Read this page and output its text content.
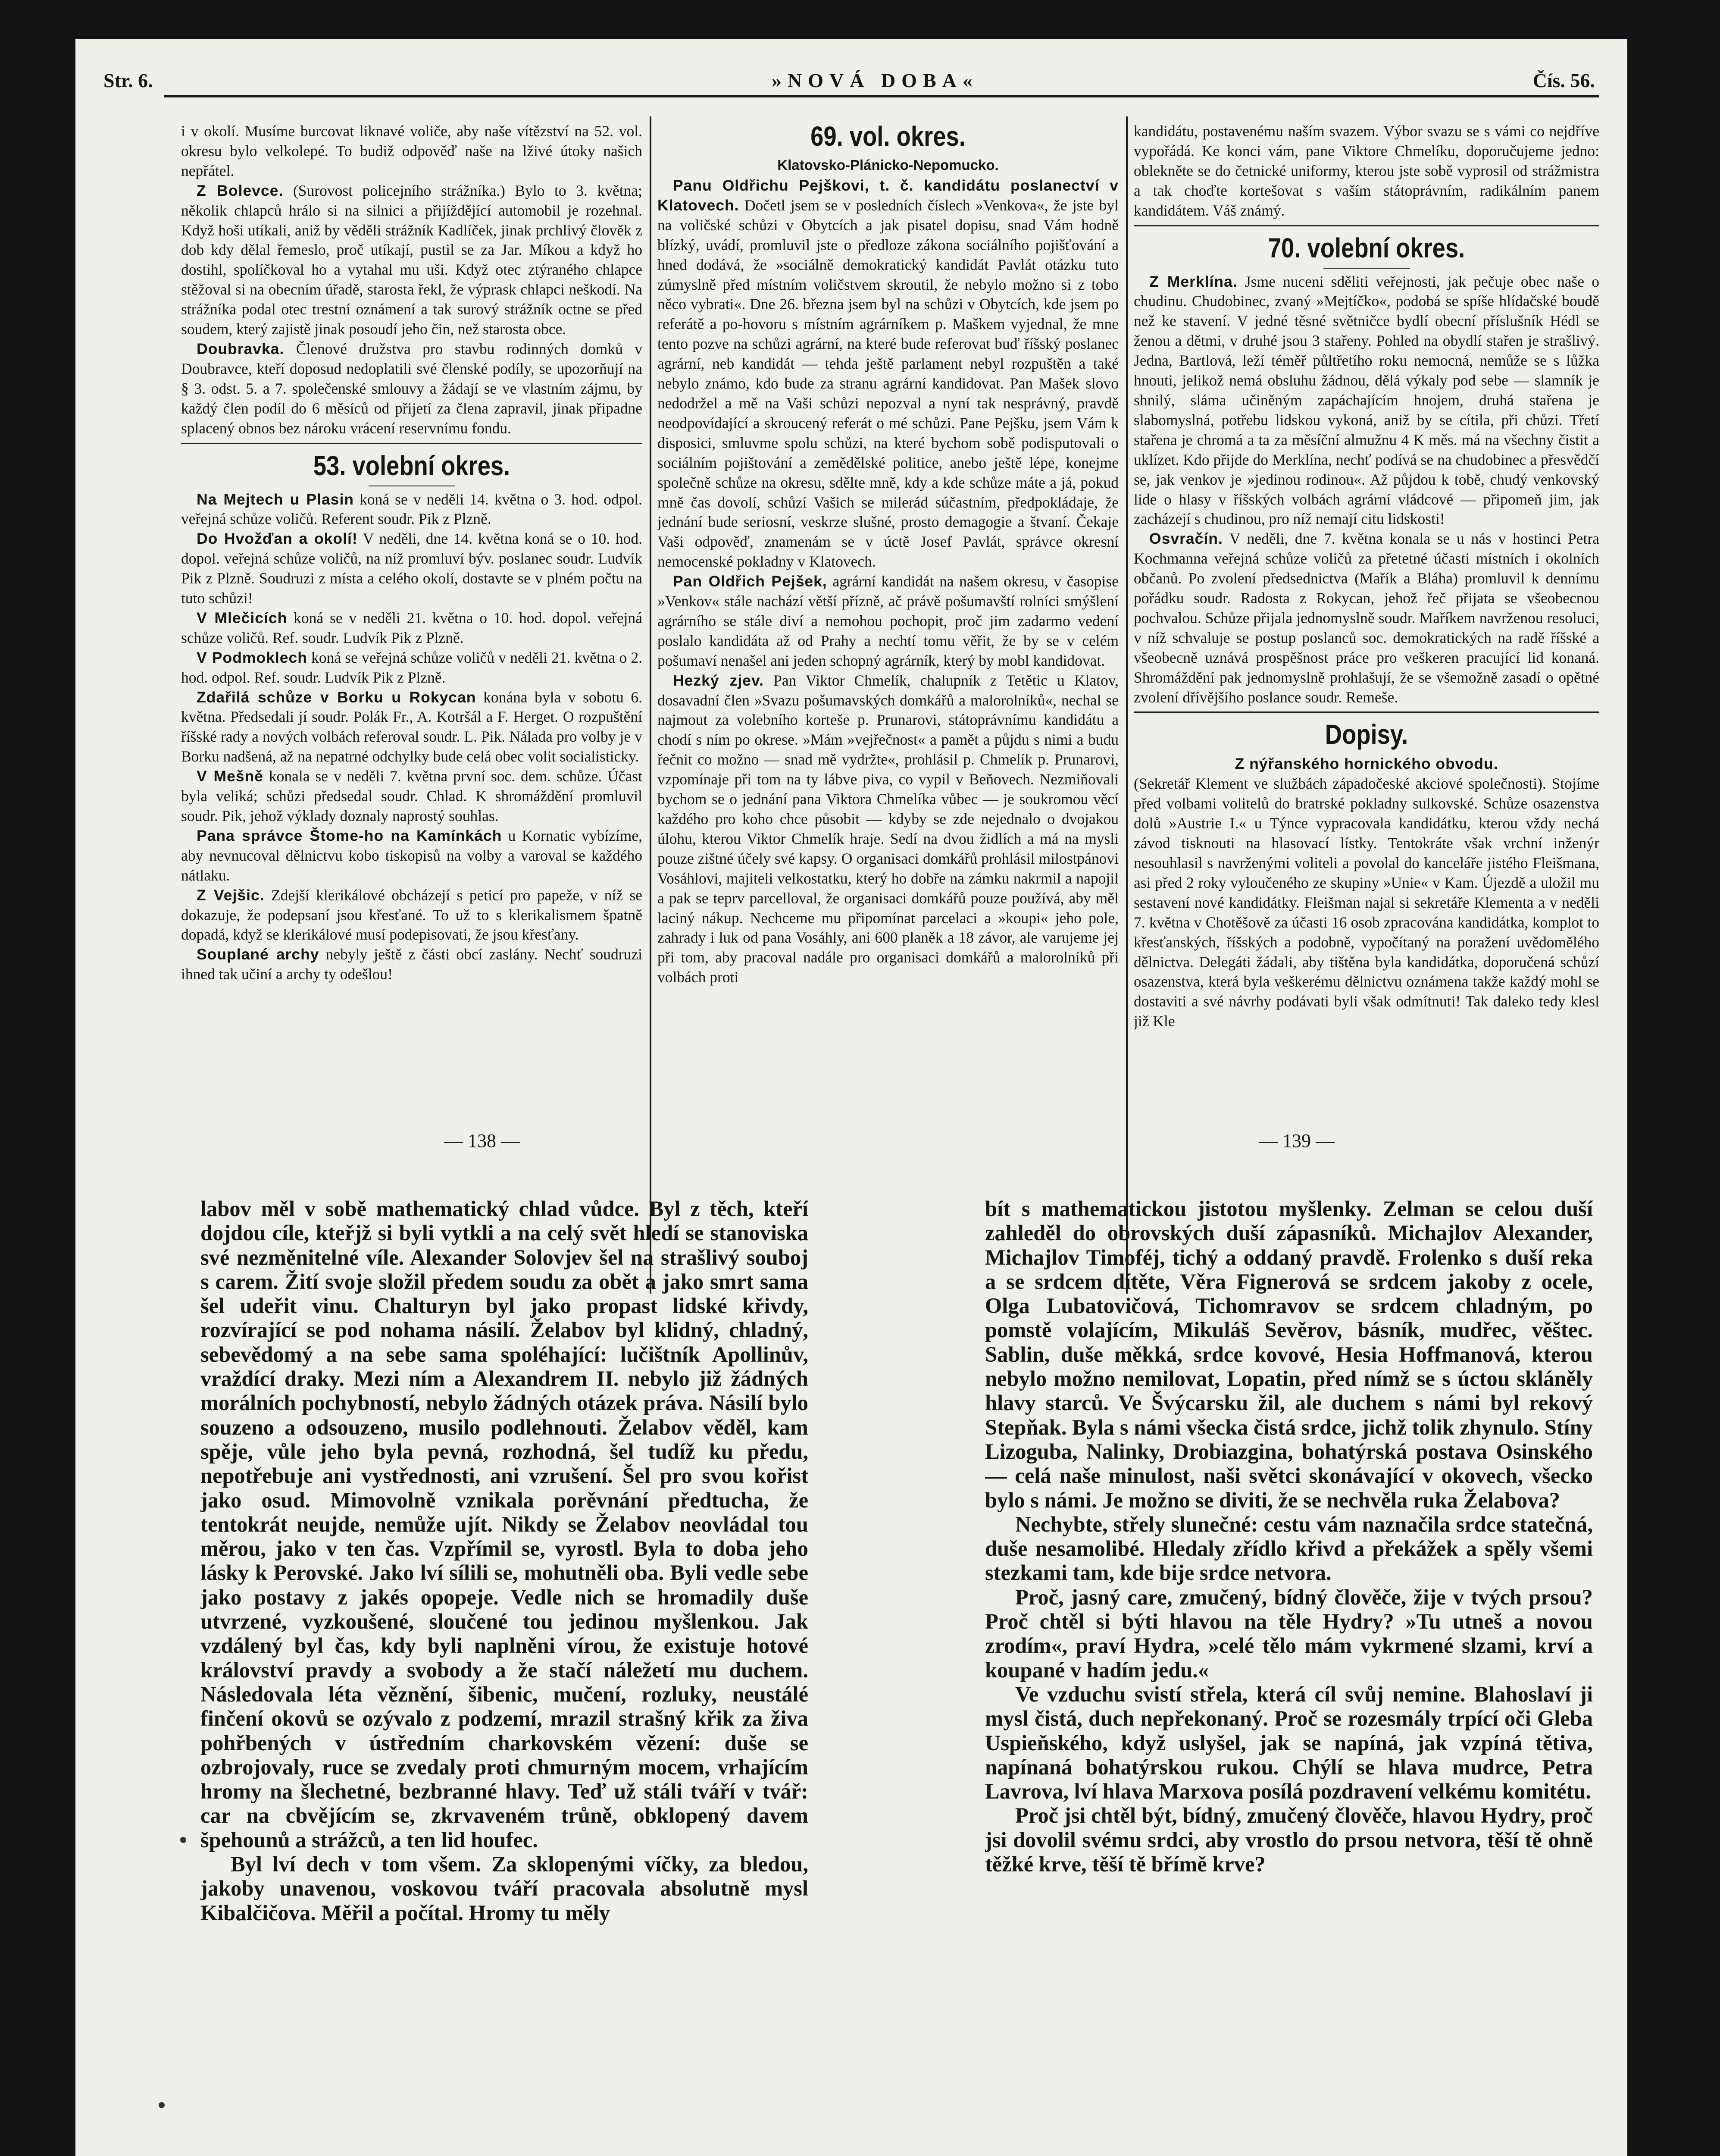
Str. 6.	»NOVÁ DOBA«	Čís. 56.

i v okolí. Musíme burcovat liknavé voliče, aby naše vítězství na 52. vol. okresu bylo velkolepé. To budiž odpověď naše na lživé útoky našich nepřátel.

Z Bolevce. (Surovost policejního strážníka.) Bylo to 3. května; několik chlapců hrálo si na silnici a přijíždějící automobil je rozehnal. Když hoši utíkali, aniž by věděli strážník Kadlíček, jinak prchlivý člověk z dob kdy dělal řemeslo, proč utíkají, pustil se za Jar. Míkou a když ho dostihl, spolíčkoval ho a vytahal mu uši. Když otec ztýraného chlapce stěžoval si na obecním úřadě, starosta řekl, že výprask chlapci neškodí. Na strážníka podal otec trestní oznámení a tak surový strážník octne se před soudem, který zajistě jinak posoudí jeho čin, než starosta obce.

Doubravka. Členové družstva pro stavbu rodinných domků v Doubravce, kteří doposud nedoplatili své členské podíly, se upozorňují na § 3. odst. 5. a 7. společenské smlouvy a žádají se ve vlastním zájmu, by každý člen podíl do 6 měsíců od přijetí za člena zapravil, jinak připadne splacený obnos bez nároku vrácení reservnímu fondu.

53. volební okres.

Na Mejtech u Plasin koná se v neděli 14. května o 3. hod. odpol. veřejná schůze voličů. Referent soudr. Pik z Plzně.

Do Hvožďan a okolí! V neděli, dne 14. května koná se o 10. hod. dopol. veřejná schůze voličů, na níž promluví býv. poslanec soudr. Ludvík Pik z Plzně. Soudruzi z místa a celého okolí, dostavte se v plném počtu na tuto schůzi!

V Mlečicích koná se v neděli 21. května o 10. hod. dopol. veřejná schůze voličů. Ref. soudr. Ludvík Pik z Plzně.

V Podmoklech koná se veřejná schůze voličů v neděli 21. května o 2. hod. odpol. Ref. soudr. Ludvík Pik z Plzně.

Zdařilá schůze v Borku u Rokycan konána byla v sobotu 6. května. Předsedali jí soudr. Polák Fr., A. Kotršál a F. Herget. O rozpuštění říšské rady a nových volbách referoval soudr. L. Pik. Nálada pro volby je v Borku nadšená, až na nepatrné odchylky bude celá obec volit socialisticky.

V Mešně konala se v neděli 7. května první soc. dem. schůze. Účast byla veliká; schůzi předsedal soudr. Chlad. K shromáždění promluvil soudr. Pik, jehož výklady doznaly naprostý souhlas.

Pana správce Štome-ho na Kamínkách u Kornatic vybízíme, aby nevnucoval dělnictvu kobo tiskopisů na volby a varoval se každého nátlaku.

Z Vejšic. Zdejší klerikálové obcházejí s peticí pro papeže, v níž se dokazuje, že podepsaní jsou křesťané. To už to s klerikalismem špatně dopadá, když se klerikálové musí podepisovati, že jsou křesťany.

Souplané archy nebyly ještě z části obcí zaslány. Nechť soudruzi ihned tak učiní a archy ty odešlou!

69. vol. okres.
Klatovsko-Plánicko-Nepomucko.

Panu Oldřichu Pejškovi, t. č. kandidátu poslanectví v Klatovech. Dočetl jsem se v posledních číslech »Venkova«, že jste byl na voličské schůzi v Obytcích a jak pisatel dopisu, snad Vám hodně blízký, uvádí, promluvil jste o předloze zákona sociálního pojišťování a hned dodává, že »sociálně demokratický kandidát Pavlát otázku tuto zúmyslně před místním voličstvem skroutil, že nebylo možno si z tobo něco vybrati«. Dne 26. března jsem byl na schůzi v Obytcích, kde jsem po referátě a po-hovoru s místním agrárníkem p. Maškem vyjednal, že mne tento pozve na schůzi agrární, na které bude referovat buď říšský poslanec agrární, neb kandidát — tehda ještě parlament nebyl rozpuštěn a také nebylo známo, kdo bude za stranu agrární kandidovat. Pan Mašek slovo nedodržel a mě na Vaši schůzi nepozval a nyní tak nesprávný, pravdě neodpovídající a skroucený referát o mé schůzi. Pane Pejšku, jsem Vám k disposici, smluvme spolu schůzi, na které bychom sobě podisputovali o sociálním pojištování a zemědělské politice, anebo ještě lépe, konejme společně schůze na okresu, sdělte mně, kdy a kde schůze máte a já, pokud mně čas dovolí, schůzí Vašich se milerád súčastním, předpokládaje, že jednání bude seriosní, veskrze slušné, prosto demagogie a štvaní. Čekaje Vaši odpověď, znamenám se v úctě Josef Pavlát, správce okresní nemocenské pokladny v Klatovech.

Pan Oldřich Pejšek, agrární kandidát na našem okresu, v časopise »Venkov« stále nachází větší přízně, ač právě pošumavští rolníci smýšlení agrárního se stále diví a nemohou pochopit, proč jim zadarmo vedení poslalo kandidáta až od Prahy a nechtí tomu věřit, že by se v celém pošumaví nenašel ani jeden schopný agrárník, který by mobl kandidovat.

Hezký zjev. Pan Viktor Chmelík, chalupník z Tetětic u Klatov, dosavadní člen »Svazu pošumavských domkářů a malorolníků«, nechal se najmout za volebního korteše p. Prunarovi, státoprávnímu kandidátu a chodí s ním po okrese. »Mám »vejřečnost« a pamět a půjdu s nimi a budu řečnit co možno — snad mě vydržte«, prohlásil p. Chmelík p. Prunarovi, vzpomínaje při tom na ty lábve piva, co vypil v Beňovech. Nezmiňovali bychom se o jednání pana Viktora Chmelíka vůbec — je soukromou věcí každého pro koho chce působit — kdyby se zde nejednalo o dvojakou úlohu, kterou Viktor Chmelík hraje. Sedí na dvou židlích a má na mysli pouze zištné účely své kapsy. O organisaci domkářů prohlásil milostpánovi Vosáhlovi, majiteli velkostatku, který ho dobře na zámku nakrmil a napojil a pak se teprv parcelloval, že organisaci domkářů pouze používá, aby měl laciný nákup. Nechceme mu připomínat parcelaci a »koupi« jeho pole, zahrady i luk od pana Vosáhly, ani 600 planěk a 18 závor, ale varujeme jej při tom, aby pracoval nadále pro organisaci domkářů a malorolníků při volbách proti

kandidátu, postavenému naším svazem. Výbor svazu se s vámi co nejdříve vypořádá. Ke konci vám, pane Viktore Chmelíku, doporučujeme jedno: oblekněte se do četnické uniformy, kterou jste sobě vyprosil od strážmistra a tak choďte kortešovat s vaším státoprávním, radikálním panem kandidátem. Váš známý.

70. volební okres.

Z Merklína. Jsme nuceni sděliti veřejnosti, jak pečuje obec naše o chudinu. Chudobinec, zvaný »Mejtíčko«, podobá se spíše hlídačské boudě než ke stavení. V jedné těsné světničce bydlí obecní příslušník Hédl se ženou a dětmi, v druhé jsou 3 stařeny. Pohled na obydlí stařen je strašlivý. Jedna, Bartlová, leží téměř půltřetího roku nemocná, nemůže se s lůžka hnouti, jelikož nemá obsluhu žádnou, dělá výkaly pod sebe — slamník je shnilý, sláma učiněným zapáchajícím hnojem, druhá stařena je slabomyslná, potřebu lidskou vykoná, aniž by se cítila, při chůzi. Třetí stařena je chromá a ta za měsíční almužnu 4 K měs. má na všechny čistit a uklízet. Kdo přijde do Merklína, nechť podívá se na chudobinec a přesvědčí se, jak venkov je »jedinou rodinou«. Až půjdou k tobě, chudý venkovský lide o hlasy v říšských volbách agrární vládcové — připomeň jim, jak zacházejí s chudinou, pro níž nemají citu lidskosti!

Osvračín. V neděli, dne 7. května konala se u nás v hostinci Petra Kochmanna veřejná schůze voličů za přetetné účasti místních i okolních občanů. Po zvolení předsednictva (Mařík a Bláha) promluvil k dennímu pořádku soudr. Radosta z Rokycan, jehož řeč přijata se všeobecnou pochvalou. Schůze přijala jednomyslně soudr. Maříkem navrženou resoluci, v níž schvaluje se postup poslanců soc. demokratických na radě říšské a všeobecně uznává prospěšnost práce pro veškeren pracující lid konaná. Shromáždění pak jednomyslně prohlašují, že se všemožně zasadí o opětné zvolení dřívějšího poslance soudr. Remeše.

Dopisy.

Z nýřanského hornického obvodu.

(Sekretář Klement ve službách západočeské akciové společnosti). Stojíme před volbami volitelů do bratrské pokladny sulkovské. Schůze osazenstva dolů »Austrie I.« u Týnce vypracovala kandidátku, kterou vždy nechá závod tisknouti na hlasovací lístky. Tentokráte však vrchní inženýr nesouhlasil s navrženými voliteli a povolal do kanceláře jistého Fleišmana, asi před 2 roky vyloučeného ze skupiny »Unie« v Kam. Újezdě a uložil mu sestavení nové kandidátky. Fleišman najal si sekretáře Klementa a v neděli 7. května v Chotěšově za účasti 16 osob zpracována kandidátka, komplot to křesťanských, říšských a podobně, vypočítaný na poražení uvědomělého dělnictva. Delegáti žádali, aby tištěna byla kandidátka, doporučená schůzí osazenstva, která byla veškerému dělnictvu oznámena takže každý mohl se dostaviti a své návrhy podávati byli však odmítnuti! Tak daleko tedy klesl již Kle

— 138 —	— 139 —

labov měl v sobě mathematický chlad vůdce. Byl z těch, kteří dojdou cíle, kteřjž si byli vytkli a na celý svět hledí se stanoviska své nezměnitelné víle. Alexander Solovjev šel na strašlivý souboj s carem. Žití svoje složil předem soudu za obět a jako smrt sama šel udeřit vinu. Chalturyn byl jako propast lidské křivdy, rozvírající se pod nohama násilí. Želabov byl klidný, chladný, sebevědomý a na sebe sama spoléhající: lučištník Apollinův, vraždící draky. Mezi ním a Alexandrem II. nebylo již žádných morálních pochybností, nebylo žádných otázek práva. Násilí bylo souzeno a odsouzeno, musilo podlehnouti. Želabov věděl, kam spěje, vůle jeho byla pevná, rozhodná, šel tudíž ku předu, nepotřebuje ani vystřednosti, ani vzrušení. Šel pro svou kořist jako osud. Mimovolně vznikala porěvnání předtucha, že tentokrát neujde, nemůže ujít. Nikdy se Želabov neovládal tou měrou, jako v ten čas. Vzpřímil se, vyrostl. Byla to doba jeho lásky k Perovské. Jako lví sílili se, mohutněli oba. Byli vedle sebe jako postavy z jakés opopeje. Vedle nich se hromadily duše utvrzené, vyzkoušené, sloučené tou jedinou myšlenkou. Jak vzdálený byl čas, kdy byli naplněni vírou, že existuje hotové království pravdy a svobody a že stačí náležetí mu duchem. Následovala léta věznění, šibenic, mučení, rozluky, neustálé finčení okovů se ozývalo z podzemí, mrazil strašný křik za živa pohřbených v ústředním charkovském vězení: duše se ozbrojovaly, ruce se zvedaly proti chmurným mocem, vrhajícím hromy na šlechetné, bezbranné hlavy. Teď už stáli tváří v tvář: car na cbvějícím se, zkrvaveném trůně, obklopený davem špehounů a strážců, a ten lid houfec.

Byl lví dech v tom všem. Za sklopenými víčky, za bledou, jakoby unavenou, voskovou tváří pracovala absolutně mysl Kibalčičova. Měřil a počítal. Hromy tu měly

bít s mathematickou jistotou myšlenky. Zelman se celou duší zahleděl do obrovských duší zápasníků. Michajlov Alexander, Michajlov Timoféj, tichý a oddaný pravdě. Frolenko s duší reka a se srdcem dítěte, Věra Fignerová se srdcem jakoby z ocele, Olga Lubatovičová, Tichomravov se srdcem chladným, po pomstě volajícím, Mikuláš Sevěrov, básník, mudřec, věštec. Sablin, duše měkká, srdce kovové, Hesia Hoffmanová, kterou nebylo možno nemilovat, Lopatin, před nímž se s úctou skláněly hlavy starců. Ve Švýcarsku žil, ale duchem s námi byl rekový Stepňak. Byla s námi všecka čistá srdce, jichž tolik zhynulo. Stíny Lizoguba, Nalinky, Drobiazgina, bohatýrská postava Osinského — celá naše minulost, naši světci skonávající v okovech, všecko bylo s námi. Je možno se diviti, že se nechvěla ruka Želabova?

Nechybte, střely slunečné: cestu vám naznačila srdce statečná, duše nesamolibé. Hledaly zřídlo křivd a překážek a spěly všemi stezkami tam, kde bije srdce netvora.

Proč, jasný care, zmučený, bídný člověče, žije v tvých prsou? Proč chtěl si býti hlavou na těle Hydry? »Tu utneš a novou zrodím«, praví Hydra, »celé tělo mám vykrmené slzami, krví a koupané v hadím jedu.«

Ve vzduchu svistí střela, která cíl svůj nemine. Blahoslaví ji mysl čistá, duch nepřekonaný. Proč se rozesmály trpící oči Gleba Uspieňského, když uslyšel, jak se napíná, jak vzpíná tětiva, napínaná bohatýrskou rukou. Chýlí se hlava mudrce, Petra Lavrova, lví hlava Marxova posílá pozdravení velkému komitétu.

Proč jsi chtěl být, bídný, zmučený člověče, hlavou Hydry, proč jsi dovolil svému srdci, aby vrostlo do prsou netvora, těší tě ohně těžké krve, těší tě břímě krve?
